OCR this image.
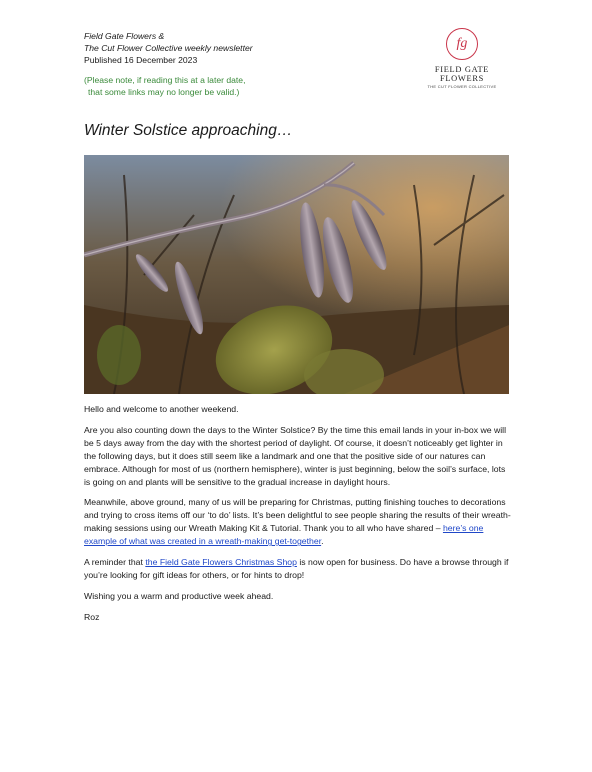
Field Gate Flowers &
The Cut Flower Collective weekly newsletter
Published 16 December 2023
(Please note, if reading this at a later date,
that some links may no longer be valid.)
fg
FIELD GATE FLOWERS
THE CUT FLOWER COLLECTIVE
Winter Solstice approaching…

Hello and welcome to another weekend.

Are you also counting down the days to the Winter Solstice? By the time this email lands in your in-box we will be 5 days away from the day with the shortest period of daylight. Of course, it doesn’t noticeably get lighter in the following days, but it does still seem like a landmark and one that the positive side of our natures can embrace. Although for most of us (northern hemisphere), winter is just beginning, below the soil’s surface, lots is going on and plants will be sensitive to the gradual increase in daylight hours.

Meanwhile, above ground, many of us will be preparing for Christmas, putting finishing touches to decorations and trying to cross items off our ‘to do’ lists. It’s been delightful to see people sharing the results of their wreath-making sessions using our Wreath Making Kit & Tutorial. Thank you to all who have shared – here’s one example of what was created in a wreath-making get-together.

A reminder that the Field Gate Flowers Christmas Shop is now open for business. Do have a browse through if you’re looking for gift ideas for others, or for hints to drop!

Wishing you a warm and productive week ahead.

Roz
